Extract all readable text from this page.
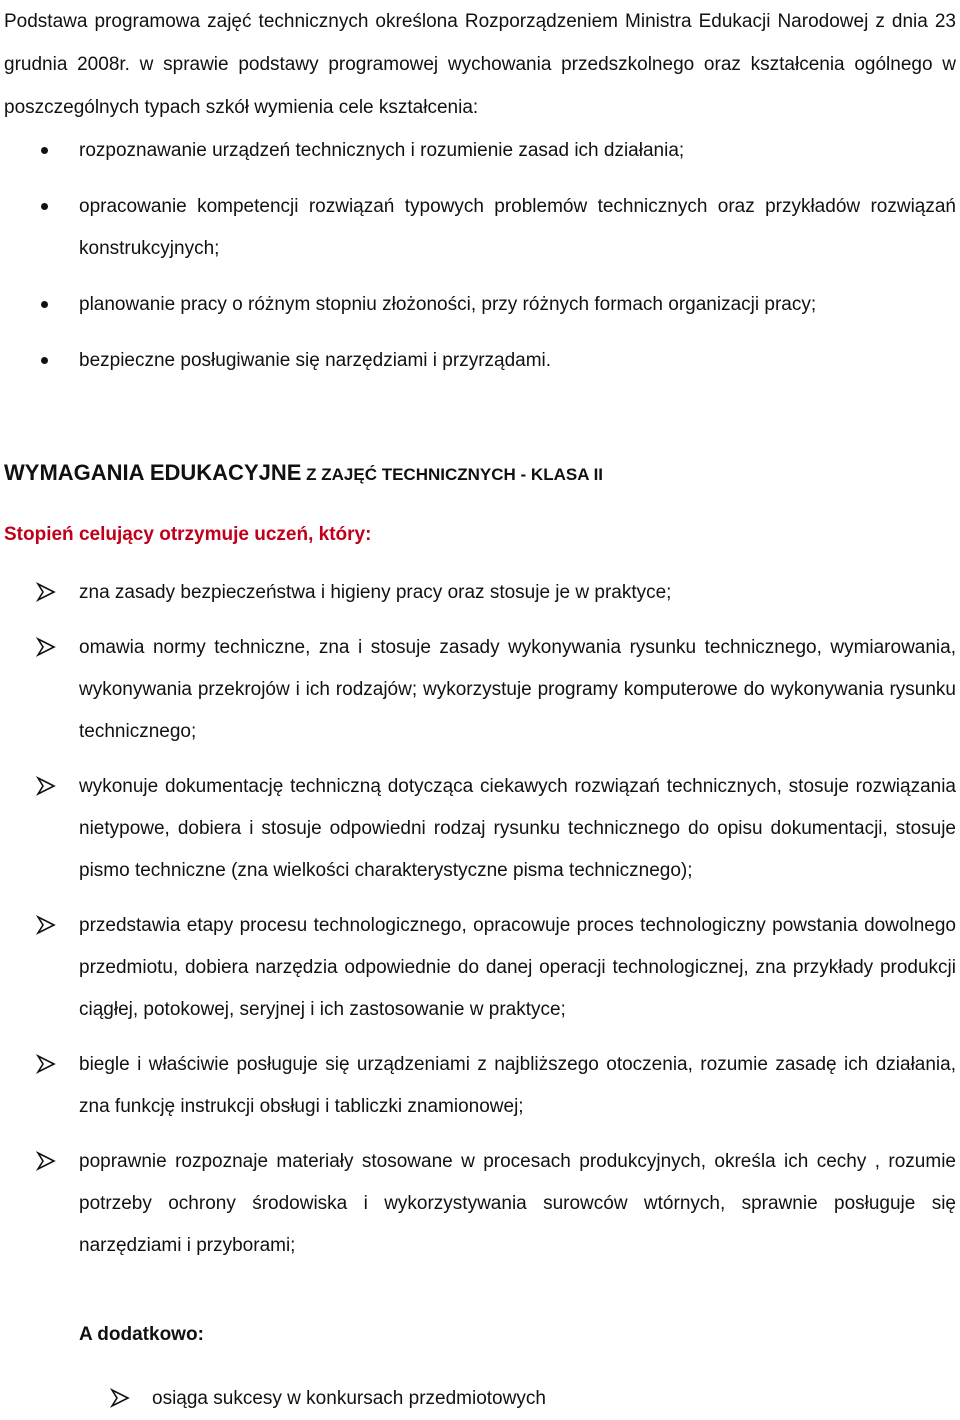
Podstawa programowa zajęć technicznych określona Rozporządzeniem Ministra Edukacji Narodowej z dnia 23 grudnia 2008r. w sprawie podstawy programowej wychowania przedszkolnego oraz kształcenia ogólnego w poszczególnych typach szkół wymienia cele kształcenia:

rozpoznawanie urządzeń technicznych i rozumienie zasad ich działania;
opracowanie kompetencji rozwiązań typowych problemów technicznych oraz przykładów rozwiązań konstrukcyjnych;
planowanie pracy o różnym stopniu złożoności, przy różnych formach organizacji pracy;
bezpieczne posługiwanie się narzędziami i przyrządami.
WYMAGANIA EDUKACYJNE Z ZAJĘĆ TECHNICZNYCH - KLASA II
Stopień celujący otrzymuje uczeń, który:
zna zasady bezpieczeństwa i higieny pracy oraz stosuje je w praktyce;
omawia normy techniczne, zna i stosuje zasady wykonywania rysunku technicznego, wymiarowania, wykonywania przekrojów i ich rodzajów; wykorzystuje programy komputerowe do wykonywania rysunku technicznego;
wykonuje dokumentację techniczną dotycząca ciekawych rozwiązań technicznych, stosuje rozwiązania nietypowe, dobiera i stosuje odpowiedni rodzaj rysunku technicznego do opisu dokumentacji, stosuje pismo techniczne (zna wielkości charakterystyczne pisma technicznego);
przedstawia etapy procesu technologicznego, opracowuje proces technologiczny powstania dowolnego przedmiotu, dobiera narzędzia odpowiednie do danej operacji technologicznej, zna przykłady produkcji ciągłej, potokowej, seryjnej i ich zastosowanie w praktyce;
biegle i właściwie posługuje się urządzeniami z najbliższego otoczenia, rozumie zasadę ich działania, zna funkcję instrukcji obsługi i tabliczki znamionowej;
poprawnie rozpoznaje materiały stosowane w procesach produkcyjnych, określa ich cechy , rozumie potrzeby ochrony środowiska i wykorzystywania surowców wtórnych, sprawnie posługuje się narzędziami i przyborami;
A dodatkowo:
osiąga sukcesy w konkursach przedmiotowych
